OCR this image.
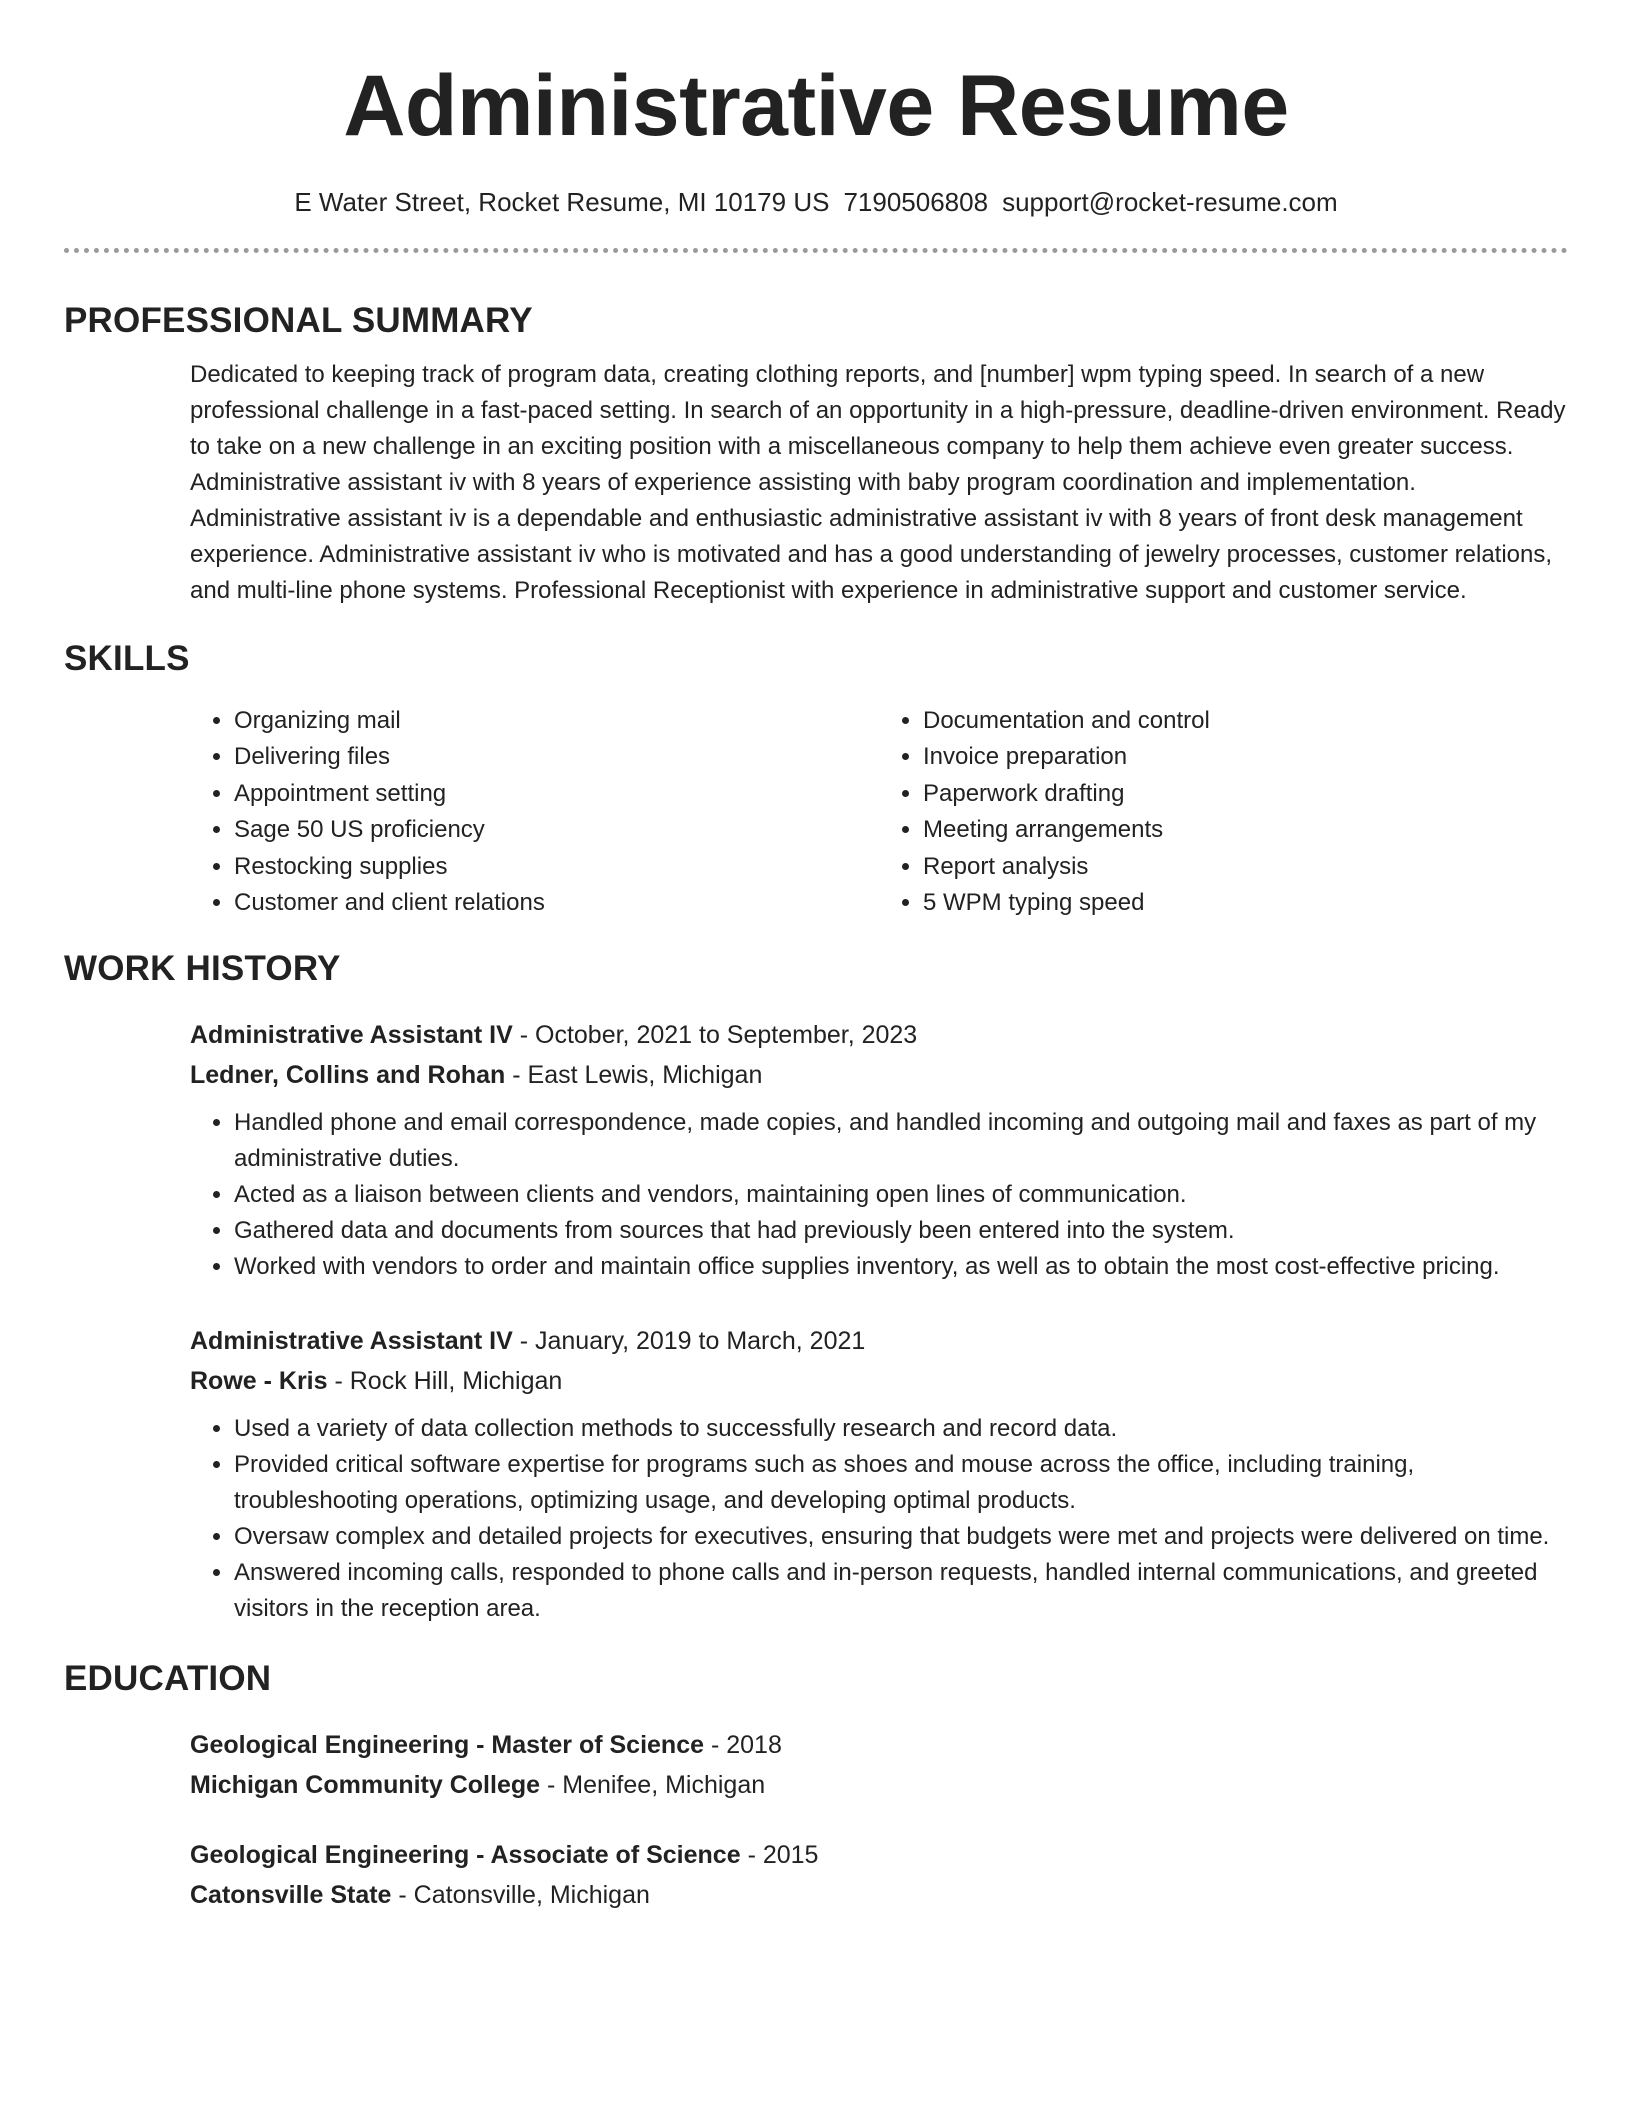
Administrative Resume
E Water Street, Rocket Resume, MI 10179 US 7190506808 support@rocket-resume.com
PROFESSIONAL SUMMARY
Dedicated to keeping track of program data, creating clothing reports, and [number] wpm typing speed. In search of a new professional challenge in a fast-paced setting. In search of an opportunity in a high-pressure, deadline-driven environment. Ready to take on a new challenge in an exciting position with a miscellaneous company to help them achieve even greater success. Administrative assistant iv with 8 years of experience assisting with baby program coordination and implementation. Administrative assistant iv is a dependable and enthusiastic administrative assistant iv with 8 years of front desk management experience. Administrative assistant iv who is motivated and has a good understanding of jewelry processes, customer relations, and multi-line phone systems. Professional Receptionist with experience in administrative support and customer service.
SKILLS
• Organizing mail
• Delivering files
• Appointment setting
• Sage 50 US proficiency
• Restocking supplies
• Customer and client relations
• Documentation and control
• Invoice preparation
• Paperwork drafting
• Meeting arrangements
• Report analysis
• 5 WPM typing speed
WORK HISTORY
Administrative Assistant IV - October, 2021 to September, 2023
Ledner, Collins and Rohan - East Lewis, Michigan
• Handled phone and email correspondence, made copies, and handled incoming and outgoing mail and faxes as part of my administrative duties.
• Acted as a liaison between clients and vendors, maintaining open lines of communication.
• Gathered data and documents from sources that had previously been entered into the system.
• Worked with vendors to order and maintain office supplies inventory, as well as to obtain the most cost-effective pricing.
Administrative Assistant IV - January, 2019 to March, 2021
Rowe - Kris - Rock Hill, Michigan
• Used a variety of data collection methods to successfully research and record data.
• Provided critical software expertise for programs such as shoes and mouse across the office, including training, troubleshooting operations, optimizing usage, and developing optimal products.
• Oversaw complex and detailed projects for executives, ensuring that budgets were met and projects were delivered on time.
• Answered incoming calls, responded to phone calls and in-person requests, handled internal communications, and greeted visitors in the reception area.
EDUCATION
Geological Engineering - Master of Science - 2018
Michigan Community College - Menifee, Michigan
Geological Engineering - Associate of Science - 2015
Catonsville State - Catonsville, Michigan
